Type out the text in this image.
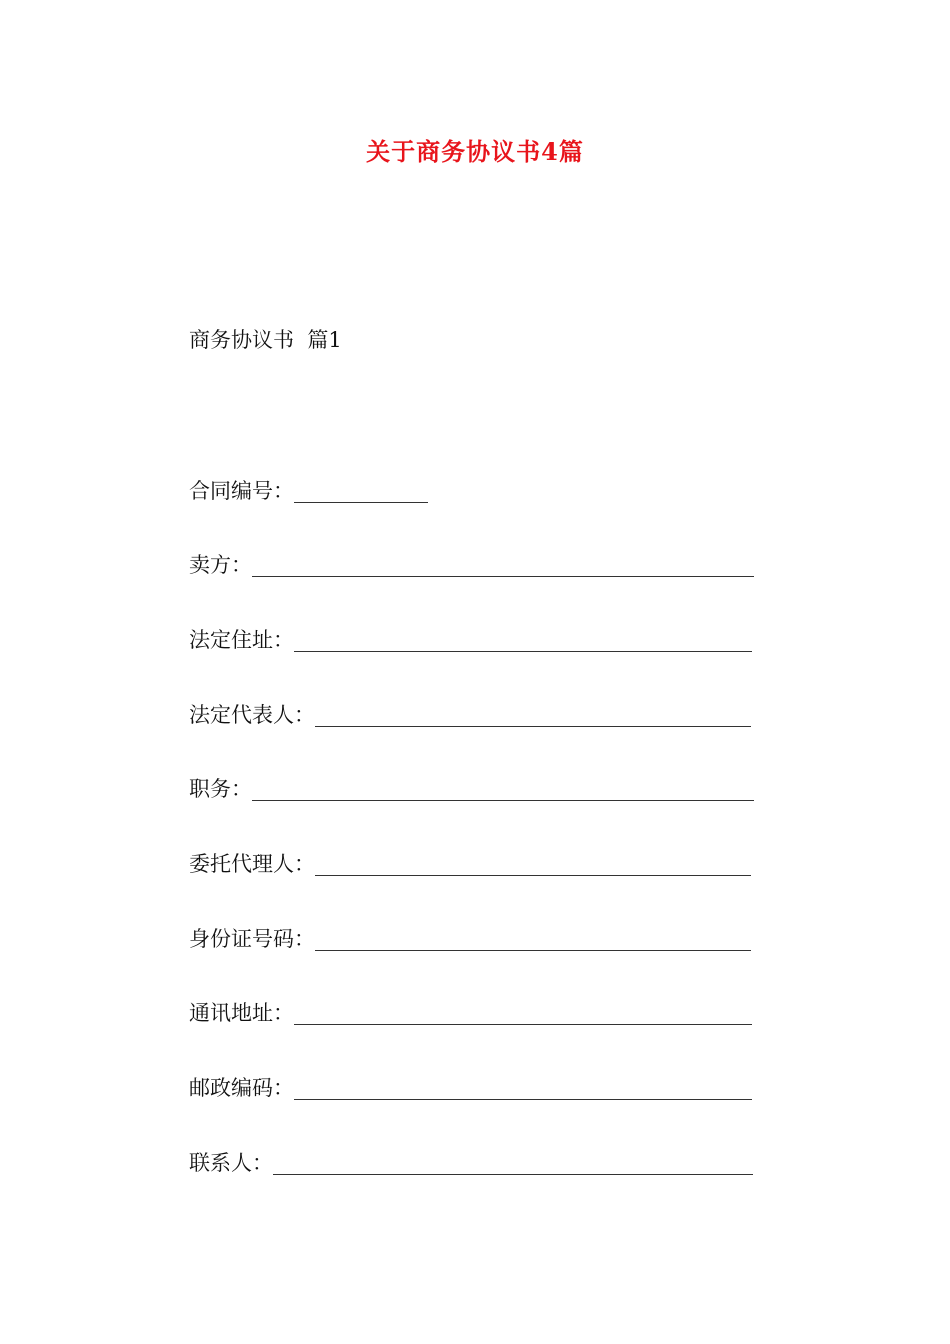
关于商务协议书4篇
商务协议书  篇1
合同编号：
卖方：
法定住址：
法定代表人：
职务：
委托代理人：
身份证号码：
通讯地址：
邮政编码：
联系人：
